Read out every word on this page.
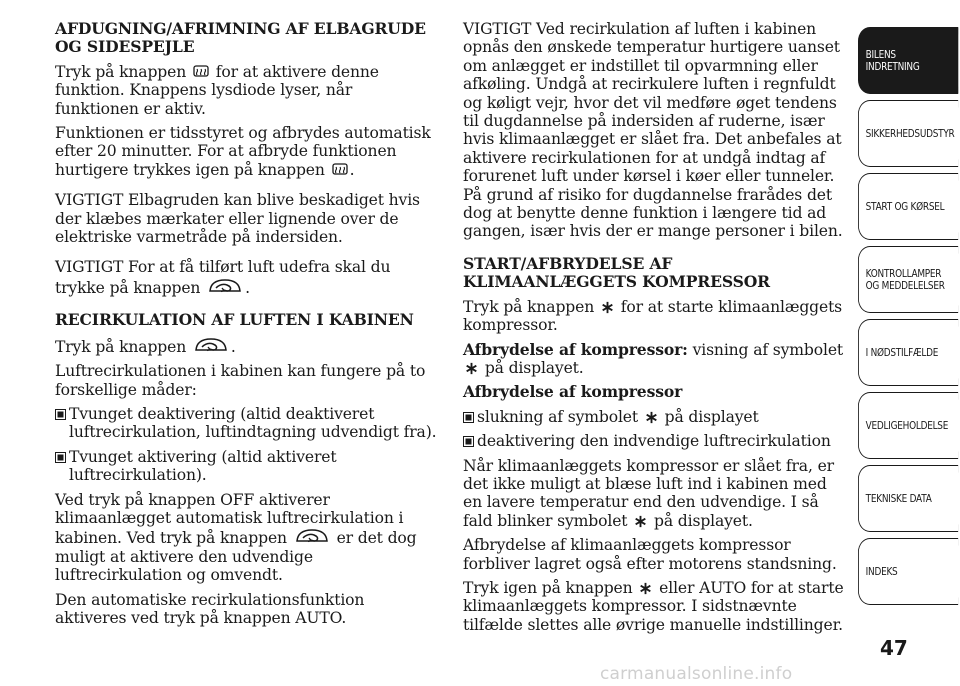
AFDUGNING/AFRIMNING AF ELBAGRUDE
OG SIDESPEJLE

Tryk på knappen for at aktivere denne funktion. Knappens lysdiode lyser, når funktionen er aktiv.

Funktionen er tidsstyret og afbrydes automatisk efter 20 minutter. For at afbryde funktionen hurtigere trykkes igen på knappen .

VIGTIGT Elbagruden kan blive beskadiget hvis der klæbes mærkater eller lignende over de elektriske varmetråde på indersiden.

VIGTIGT For at få tilført luft udefra skal du trykke på knappen	.

RECIRKULATION AF LUFTEN I KABINEN

Tryk på knappen	.

Luftrecirkulationen i kabinen kan fungere på to forskellige måder:

Tvunget deaktivering (altid deaktiveret luftrecirkulation, luftindtagning udvendigt fra).
Tvunget aktivering (altid aktiveret luftrecirkulation).

Ved tryk på knappen OFF aktiverer klimaanlægget automatisk luftrecirkulation i kabinen. Ved tryk på knappen	er det dog muligt at aktivere den udvendige luftrecirkulation og omvendt.

Den automatiske recirkulationsfunktion aktiveres ved tryk på knappen AUTO.

VIGTIGT Ved recirkulation af luften i kabinen opnås den ønskede temperatur hurtigere uanset om anlægget er indstillet til opvarmning eller afkøling. Undgå at recirkulere luften i regnfuldt og køligt vejr, hvor det vil medføre øget tendens til dugdannelse på indersiden af ruderne, især hvis klimaanlægget er slået fra. Det anbefales at aktivere recirkulationen for at undgå indtag af forurenet luft under kørsel i køer eller tunneler. På grund af risiko for dugdannelse frarådes det dog at benytte denne funktion i længere tid ad gangen, især hvis der er mange personer i bilen.

START/AFBRYDELSE AF
KLIMAANLÆGGETS KOMPRESSOR

Tryk på knappen for at starte klimaanlæggets kompressor.

Afbrydelse af kompressor: visning af symbolet  på displayet.

Afbrydelse af kompressor

slukning af symbolet på displayet
deaktivering den indvendige luftrecirkulation

Når klimaanlæggets kompressor er slået fra, er det ikke muligt at blæse luft ind i kabinen med en lavere temperatur end den udvendige. I så fald blinker symbolet på displayet.

Afbrydelse af klimaanlæggets kompressor forbliver lagret også efter motorens standsning.

Tryk igen på knappen eller AUTO for at starte klimaanlæggets kompressor. I sidstnævnte tilfælde slettes alle øvrige manuelle indstillinger.

BILENS
INDRETNING
SIKKERHEDSUDSTYR
START OG KØRSEL
KONTROLLAMPER
OG MEDDELELSER
I NØDSTILFÆLDE
VEDLIGEHOLDELSE
TEKNISKE DATA
INDEKS
47
carmanualsonline.info
